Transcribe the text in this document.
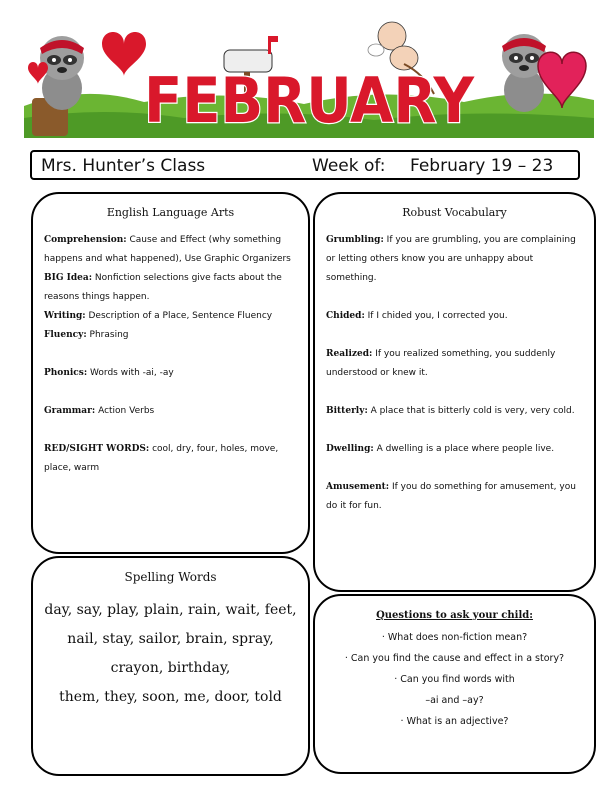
FEBRUARY
Mrs. Hunter’s Class	Week of: February 19 – 23
English Language Arts

Comprehension: Cause and Effect (why something happens and what happened), Use Graphic Organizers

BIG Idea: Nonfiction selections give facts about the reasons things happen.

Writing: Description of a Place, Sentence Fluency

Fluency: Phrasing

Phonics: Words with -ai, -ay

Grammar: Action Verbs

RED/SIGHT WORDS: cool, dry, four, holes, move, place, warm

Robust Vocabulary

Grumbling: If you are grumbling, you are complaining or letting others know you are unhappy about something.

Chided: If I chided you, I corrected you.

Realized: If you realized something, you suddenly understood or knew it.

Bitterly: A place that is bitterly cold is very, very cold.

Dwelling: A dwelling is a place where people live.

Amusement: If you do something for amusement, you do it for fun.

Spelling Words
day, say, play, plain, rain, wait, feet, nail, stay, sailor, brain, spray, crayon, birthday,
them, they, soon, me, door, told
Questions to ask your child:
· What does non-fiction mean?
· Can you find the cause and effect in a story?
· Can you find words with
–ai and –ay?
· What is an adjective?
